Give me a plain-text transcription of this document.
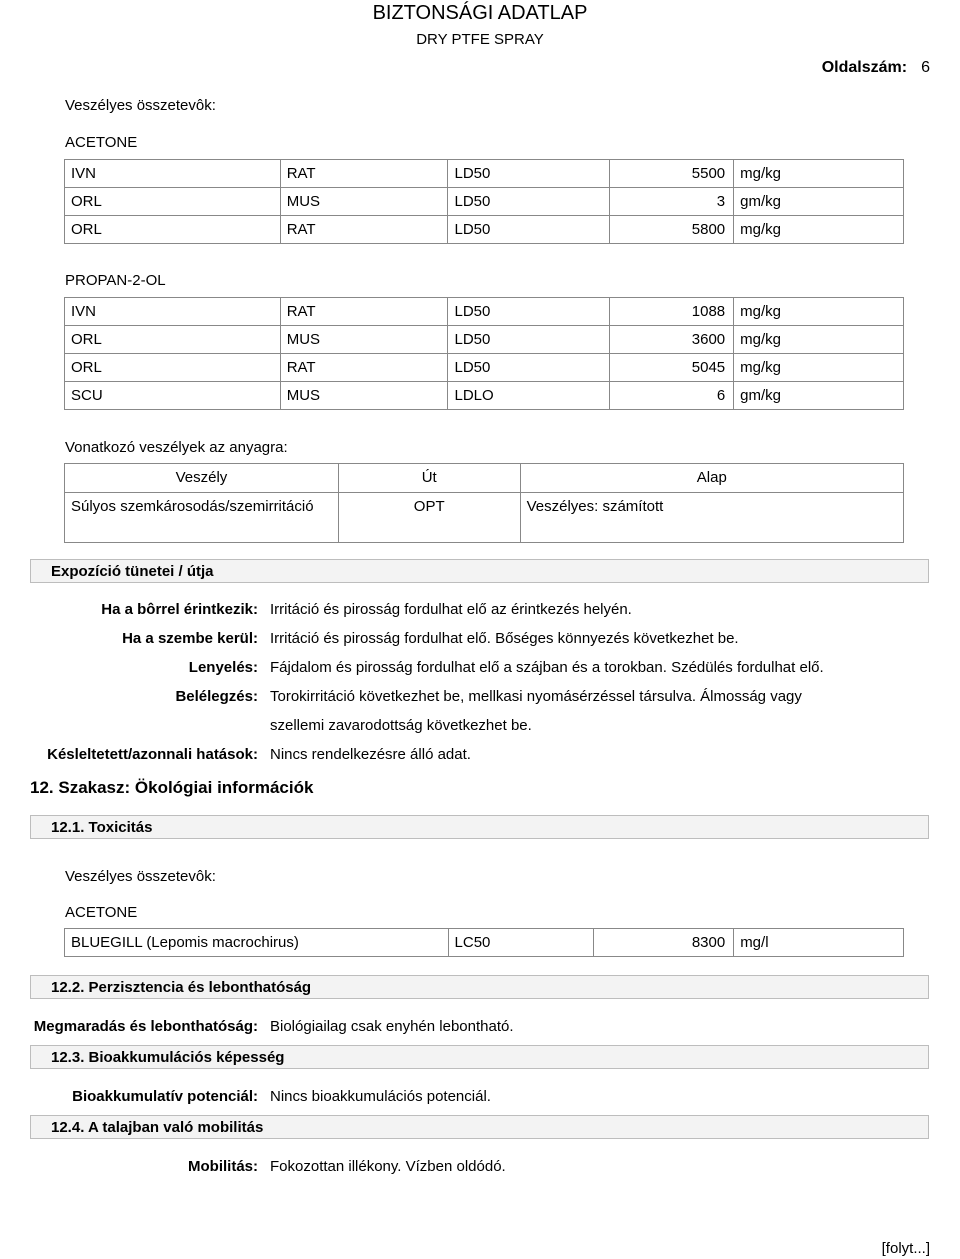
BIZTONSÁGI ADATLAP
DRY PTFE SPRAY
Oldalszám: 6
Veszélyes összetevôk:
ACETONE
IVN	RAT	LD50	5500	mg/kg
ORL	MUS	LD50	3	gm/kg
ORL	RAT	LD50	5800	mg/kg
PROPAN-2-OL
IVN	RAT	LD50	1088	mg/kg
ORL	MUS	LD50	3600	mg/kg
ORL	RAT	LD50	5045	mg/kg
SCU	MUS	LDLO	6	gm/kg
Vonatkozó veszélyek az anyagra:
Veszély	Út	Alap
Súlyos szemkárosodás/szemirritáció	OPT	Veszélyes: számított
Expozíció tünetei / útja
Ha a bôrrel érintkezik: Irritáció és pirosság fordulhat elő az érintkezés helyén.
Ha a szembe kerül: Irritáció és pirosság fordulhat elő. Bőséges könnyezés következhet be.
Lenyelés: Fájdalom és pirosság fordulhat elő a szájban és a torokban. Szédülés fordulhat elő.
Belélegzés: Torokirritáció következhet be, mellkasi nyomásérzéssel társulva. Álmosság vagy
szellemi zavarodottság következhet be.
Késleltetett/azonnali hatások: Nincs rendelkezésre álló adat.
12. Szakasz: Ökológiai információk
12.1. Toxicitás
Veszélyes összetevôk:
ACETONE
BLUEGILL (Lepomis macrochirus)	LC50	8300	mg/l
12.2. Perzisztencia és lebonthatóság
Megmaradás és lebonthatóság: Biológiailag csak enyhén lebontható.
12.3. Bioakkumulációs képesség
Bioakkumulatív potenciál: Nincs bioakkumulációs potenciál.
12.4. A talajban való mobilitás
Mobilitás: Fokozottan illékony. Vízben oldódó.
[folyt...]
